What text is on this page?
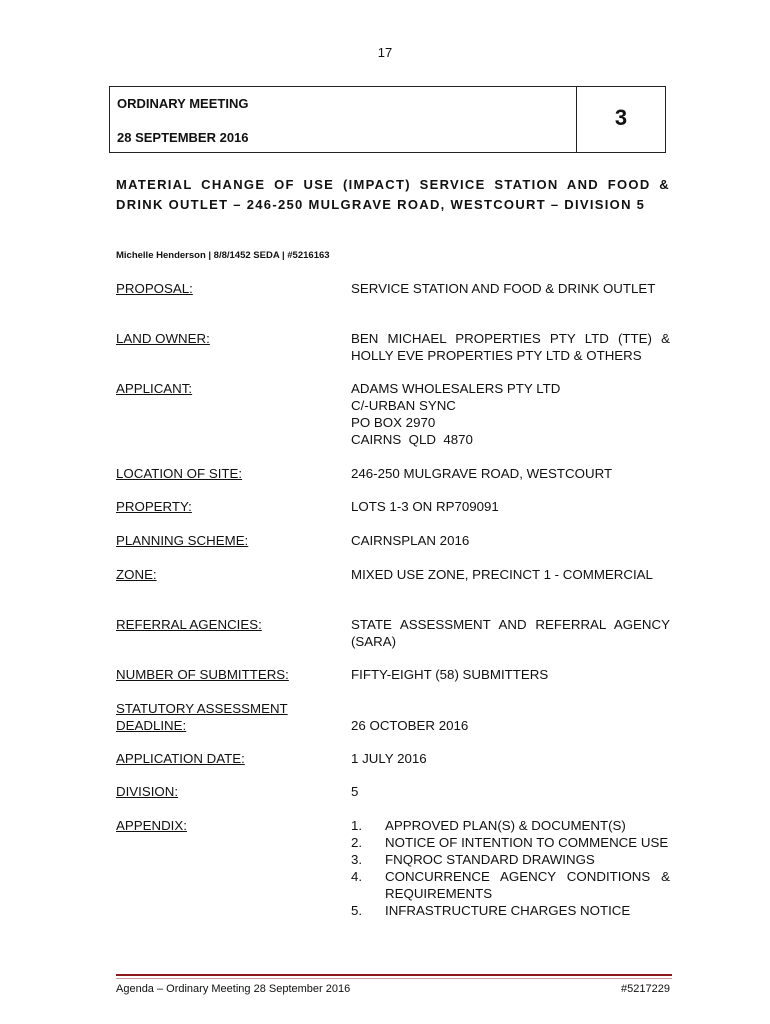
17
ORDINARY MEETING
28 SEPTEMBER 2016
3
MATERIAL CHANGE OF USE (IMPACT) SERVICE STATION AND FOOD & DRINK OUTLET – 246-250 MULGRAVE ROAD, WESTCOURT – DIVISION 5
Michelle Henderson | 8/8/1452 SEDA | #5216163
PROPOSAL:	SERVICE STATION AND FOOD & DRINK OUTLET
LAND OWNER:	BEN MICHAEL PROPERTIES PTY LTD (TTE) & HOLLY EVE PROPERTIES PTY LTD & OTHERS
APPLICANT:	ADAMS WHOLESALERS PTY LTD
C/-URBAN SYNC
PO BOX 2970
CAIRNS  QLD  4870
LOCATION OF SITE:	246-250 MULGRAVE ROAD, WESTCOURT
PROPERTY:	LOTS 1-3 ON RP709091
PLANNING SCHEME:	CAIRNSPLAN 2016
ZONE:	MIXED USE ZONE, PRECINCT 1 - COMMERCIAL
REFERRAL AGENCIES:	STATE ASSESSMENT AND REFERRAL AGENCY (SARA)
NUMBER OF SUBMITTERS:	FIFTY-EIGHT (58) SUBMITTERS
STATUTORY ASSESSMENT
DEADLINE:	26 OCTOBER 2016
APPLICATION DATE:	1 JULY 2016
DIVISION:	5
APPENDIX:	1.	APPROVED PLAN(S) & DOCUMENT(S)
2.	NOTICE OF INTENTION TO COMMENCE USE
3.	FNQROC STANDARD DRAWINGS
4.	CONCURRENCE AGENCY CONDITIONS & REQUIREMENTS
5.	INFRASTRUCTURE CHARGES NOTICE
Agenda – Ordinary Meeting 28 September 2016	#5217229
